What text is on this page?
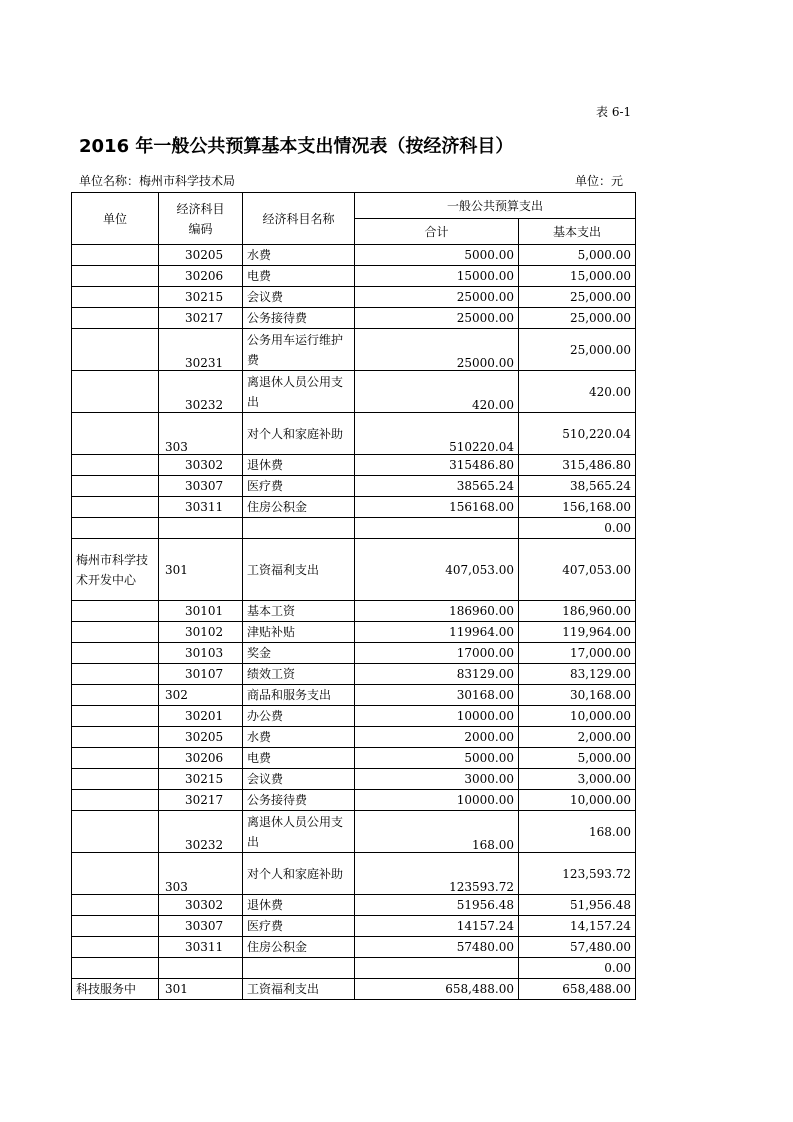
表 6-1
2016 年一般公共预算基本支出情况表（按经济科目）
单位名称：梅州市科学技术局	单位：元
单位	经济科目编码	经济科目名称	一般公共预算支出	
			合计	基本支出
	30205	水费	5000.00	5,000.00
	30206	电费	15000.00	15,000.00
	30215	会议费	25000.00	25,000.00
	30217	公务接待费	25000.00	25,000.00
	30231	公务用车运行维护费	25000.00	25,000.00
	30232	离退休人员公用支出	420.00	420.00
	303	对个人和家庭补助	510220.04	510,220.04
	30302	退休费	315486.80	315,486.80
	30307	医疗费	38565.24	38,565.24
	30311	住房公积金	156168.00	156,168.00
				0.00
梅州市科学技术开发中心	301	工资福利支出	407,053.00	407,053.00
	30101	基本工资	186960.00	186,960.00
	30102	津贴补贴	119964.00	119,964.00
	30103	奖金	17000.00	17,000.00
	30107	绩效工资	83129.00	83,129.00
	302	商品和服务支出	30168.00	30,168.00
	30201	办公费	10000.00	10,000.00
	30205	水费	2000.00	2,000.00
	30206	电费	5000.00	5,000.00
	30215	会议费	3000.00	3,000.00
	30217	公务接待费	10000.00	10,000.00
	30232	离退休人员公用支出	168.00	168.00
	303	对个人和家庭补助	123593.72	123,593.72
	30302	退休费	51956.48	51,956.48
	30307	医疗费	14157.24	14,157.24
	30311	住房公积金	57480.00	57,480.00
				0.00
科技服务中	301	工资福利支出	658,488.00	658,488.00
